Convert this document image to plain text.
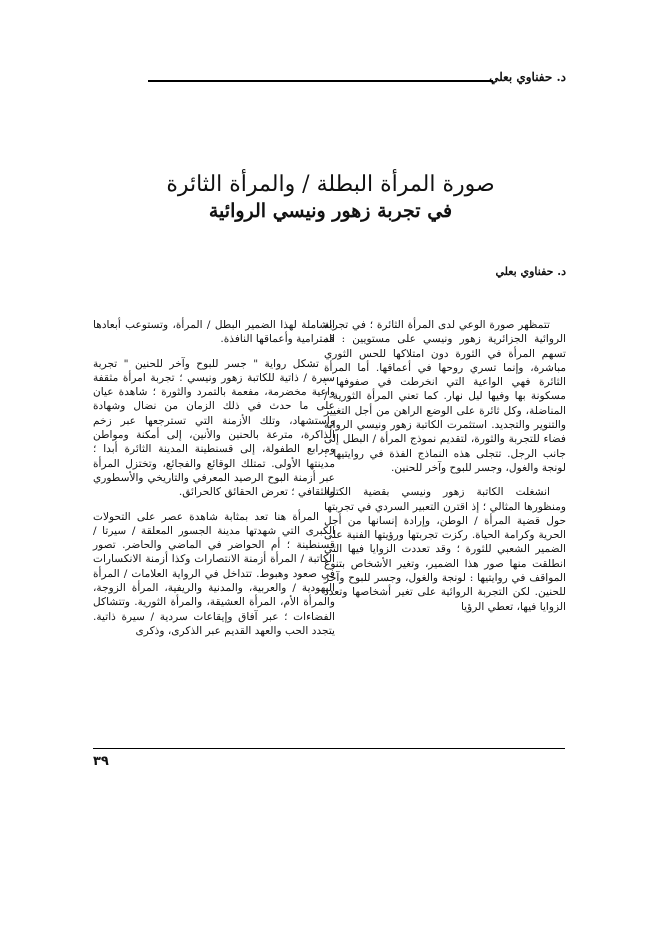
د. حفناوي بعلي
صورة المرأة البطلة / والمرأة الثائرة
في تجربة زهور ونيسي الروائية
د. حفناوي بعلي

تتمظهر صورة الوعي لدى المرأة الثائرة ؛ في تجربة الروائية الجزائرية زهور ونيسي على مستويين : قد تسهم المرأة في الثورة دون امتلاكها للحس الثوري مباشرة، وإنما تسري روحها في أعماقها. أما المرأة الثائرة فهي الواعية التي انخرطت في صفوفها ؛ مسكونة بها وفيها ليل نهار. كما تعني المرأة الثورية / المناضلة، وكل ثائرة على الوضع الراهن من أجل التغيير والتنوير والتجديد. استثمرت الكاتبة زهور ونيسي الرواية فضاء للتجربة والثورة، لتقديم نموذج المرأة / البطل إلى جانب الرجل. تتجلى هذه النماذج الفذة في روايتيها : لونجة والغول، وجسر للبوح وآخر للحنين.

انشغلت الكاتبة زهور ونيسي بقضية الكتابة ومنظورها المثالي ؛ إذ اقترن التعبير السردي في تجربتها حول قضية المرأة / الوطن، وإرادة إنسانها من أجل الحرية وكرامة الحياة. ركزت تجربتها ورؤيتها الفنية على الضمير الشعبي للثورة ؛ وقد تعددت الزوايا فيها التي انطلقت منها صور هذا الضمير، وتغير الأشخاص بتنوع المواقف في روايتيها : لونجة والغول، وجسر للبوح وآخر للحنين. لكن التجربة الروائية على تغير أشخاصها وتعدد الزوايا فيها، تعطي الرؤيا

الشاملة لهذا الضمير البطل / المرأة، وتستوعب أبعادها المترامية وأعماقها النافذة.

تشكل رواية " جسر للبوح وآخر للحنين " تجربة سيرة / ذاتية للكاتبة زهور ونيسي ؛ تجربة امرأة مثقفة واعية مخضرمة، مفعمة بالتمرد والثورة ؛ شاهدة عيان على ما حدث في ذلك الزمان من نضال وشهادة واستشهاد، وتلك الأزمنة التي تسترجعها عبر زخم الذاكرة، مترعة بالحنين والأنين، إلى أمكنة ومواطن ومرابع الطفولة، إلى قسنطينة المدينة الثائرة أبدا ؛ مدينتها الأولى. تمتلك الوقائع والفجائع، وتختزل المرأة عبر أزمنة البوح الرصيد المعرفي والتاريخي والأسطوري والثقافي ؛ تعرض الحقائق كالحرائق.

المرأة هنا تعد بمثابة شاهدة عصر على التحولات الكبرى التي شهدتها مدينة الجسور المعلقة / سيرتا / قسنطينة ؛ أم الحواضر في الماضي والحاضر. تصور الكاتبة / المرأة أزمنة الانتصارات وكذا أزمنة الانكسارات في صعود وهبوط. تتداخل في الرواية العلامات / المرأة اليهودية / والعربية، والمدنية والريفية، المرأة الزوجة، والمرأة الأم، المرأة العشيقة، والمرأة الثورية. وتتشاكل الفضاءات ؛ عبر آفاق وإيقاعات سردية / سيرة ذاتية. يتجدد الحب والعهد القديم عبر الذكرى، وذكرى

٣٩
